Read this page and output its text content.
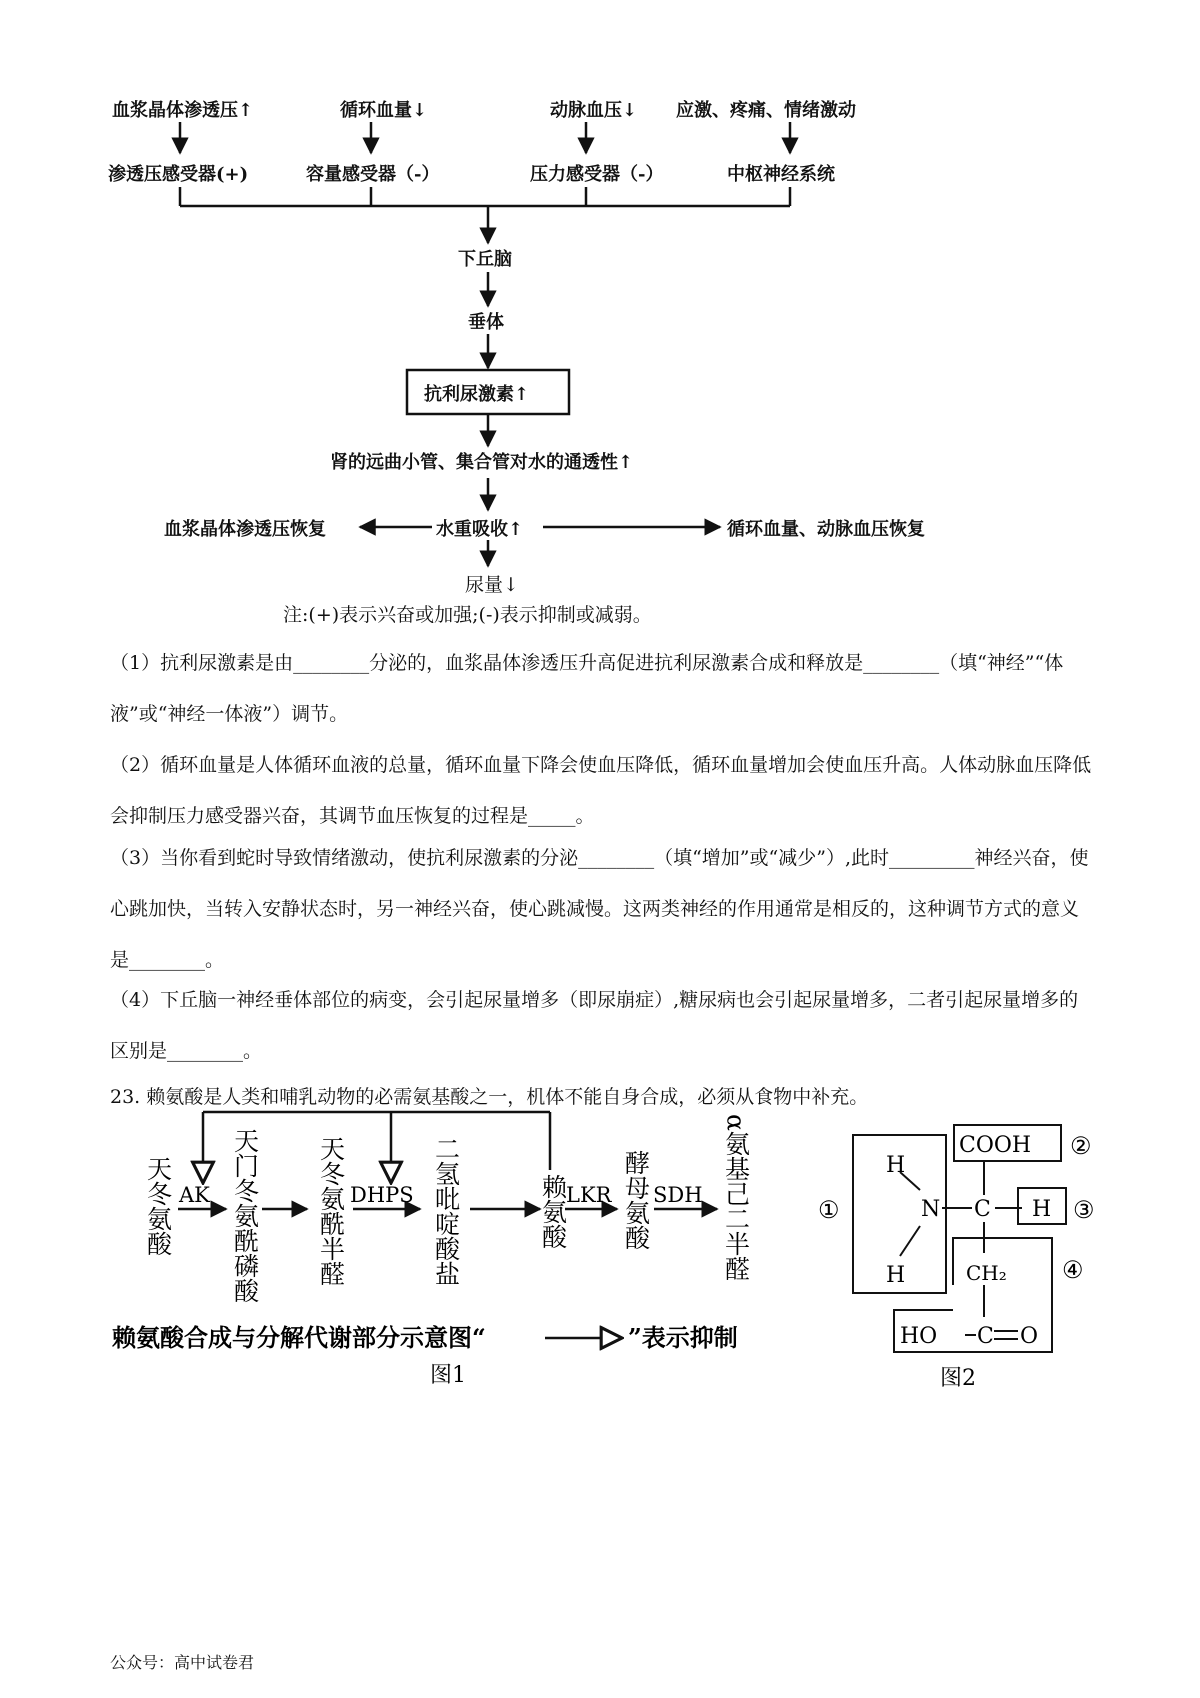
血浆晶体渗透压↑	循环血量↓	动脉血压↓ 应激、疼痛、情绪激动
渗透压感受器(+)	容量感受器（-）	压力感受器（-）	中枢神经系统
下丘脑
垂体
抗利尿激素↑
肾的远曲小管、集合管对水的通透性↑
水重吸收↑
血浆晶体渗透压恢复	循环血量、动脉血压恢复
尿量↓
注:(+)表示兴奋或加强;(-)表示抑制或减弱。
（1）抗利尿激素是由________分泌的，血浆晶体渗透压升高促进抗利尿激素合成和释放是________（填“神经”“体液”或“神经一体液”）调节。
（2）循环血量是人体循环血液的总量，循环血量下降会使血压降低，循环血量增加会使血压升高。人体动脉血压降低会抑制压力感受器兴奋，其调节血压恢复的过程是_____。
（3）当你看到蛇时导致情绪激动，使抗利尿激素的分泌________（填“增加”或“减少”）,此时_________神经兴奋，使心跳加快，当转入安静状态时，另一神经兴奋，使心跳减慢。这两类神经的作用通常是相反的，这种调节方式的意义是________。
（4）下丘脑一神经垂体部位的病变，会引起尿量增多（即尿崩症）,糖尿病也会引起尿量增多，二者引起尿量增多的区别是________。
23. 赖氨酸是人类和哺乳动物的必需氨基酸之一，机体不能自身合成，必须从食物中补充。
AK	DHPS	LKR SDH
天冬氨酸 天门冬氨酰磷酸 天冬氨酰半醛	二氢吡啶酸盐	赖氨酸 酵母氨酸	α氨基己二半醛
赖氨酸合成与分解代谢部分示意图“	”表示抑制
图1
H
H
N C H
COOH
CH₂
HO C O
①
②
③
④
图2
公众号：高中试卷君
